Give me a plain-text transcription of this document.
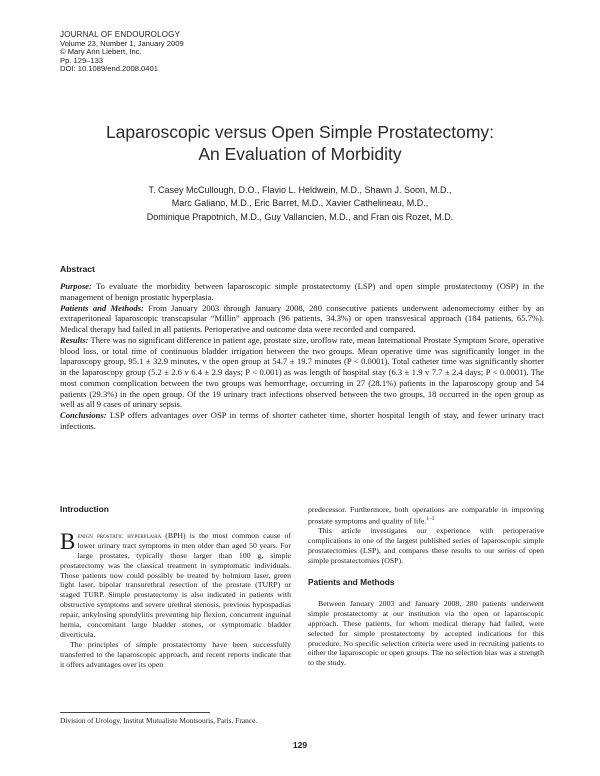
JOURNAL OF ENDOUROLOGY
Volume 23, Number 1, January 2009
© Mary Ann Liebert, Inc.
Pp. 129–133
DOI: 10.1089/end.2008.0401
Laparoscopic versus Open Simple Prostatectomy:
An Evaluation of Morbidity
T. Casey McCullough, D.O., Flavio L. Heldwein, M.D., Shawn J. Soon, M.D.,
Marc Galiano, M.D., Eric Barret, M.D., Xavier Cathelineau, M.D.,
Dominique Prapotnich, M.D., Guy Vallancien, M.D., and Fran ois Rozet, M.D.
Abstract

Purpose: To evaluate the morbidity between laparoscopic simple prostatectomy (LSP) and open simple prostatectomy (OSP) in the management of benign prostatic hyperplasia.

Patients and Methods: From January 2003 through January 2008, 280 consecutive patients underwent adenomectomy either by an extraperitoneal laparoscopic transcapsular “Millin” approach (96 patients, 34.3%) or open transvesical approach (184 patients, 65.7%). Medical therapy had failed in all patients. Perioperative and outcome data were recorded and compared.

Results: There was no significant difference in patient age, prostate size, uroflow rate, mean International Prostate Symptom Score, operative blood loss, or total time of continuous bladder irrigation between the two groups. Mean operative time was significantly longer in the laparoscopy group, 95.1 ± 32.9 minutes, v the open group at 54.7 ± 19.7 minutes (P < 0.0001). Total catheter time was significantly shorter in the laparoscopy group (5.2 ± 2.6 v 6.4 ± 2.9 days; P < 0.001) as was length of hospital stay (6.3 ± 1.9 v 7.7 ± 2.4 days; P < 0.0001). The most common complication between the two groups was hemorrhage, occurring in 27 (28.1%) patients in the laparoscopy group and 54 patients (29.3%) in the open group. Of the 19 urinary tract infections observed between the two groups, 18 occurred in the open group as well as all 9 cases of urinary sepsis.

Conclusions: LSP offers advantages over OSP in terms of shorter catheter time, shorter hospital length of stay, and fewer urinary tract infections.

Introduction

Benign prostatic hyperplasia (BPH) is the most common cause of lower urinary tract symptoms in men older than aged 50 years. For large prostates, typically those larger than 100 g, simple prostatectomy was the classical treatment in symptomatic individuals. Those patients now could possibly be treated by holmium laser, green light laser, bipolar transurethral resection of the prostate (TURP) or staged TURP. Simple prostatectomy is also indicated in patients with obstructive symptoms and severe urethral stenosis, previous hypospadias repair, ankylosing spondylitis preventing hip flexion, concurrent inguinal hernia, concomitant large bladder stones, or symptomatic bladder diverticula.

The principles of simple prostatectomy have been successfully transferred to the laparoscopic approach, and recent reports indicate that it offers advantages over its open

predecessor. Furthermore, both operations are comparable in improving prostate symptoms and quality of life.$^{1-3}$

This article investigates our experience with perioperative complications in one of the largest published series of laparoscopic simple prostatectomies (LSP), and compares these results to our series of open simple prostatectomies (OSP).

Patients and Methods

Between January 2003 and January 2008, 280 patients underwent simple prostatectomy at our institution via the open or laparoscopic approach. These patients, for whom medical therapy had failed, were selected for simple prostatectomy by accepted indications for this procedure. No specific selection criteria were used in recruiting patients to either the laparoscopic or open groups. The no selection bias was a strength to the study.

Division of Urology, Institut Mutualiste Montsouris, Paris, France.
129
